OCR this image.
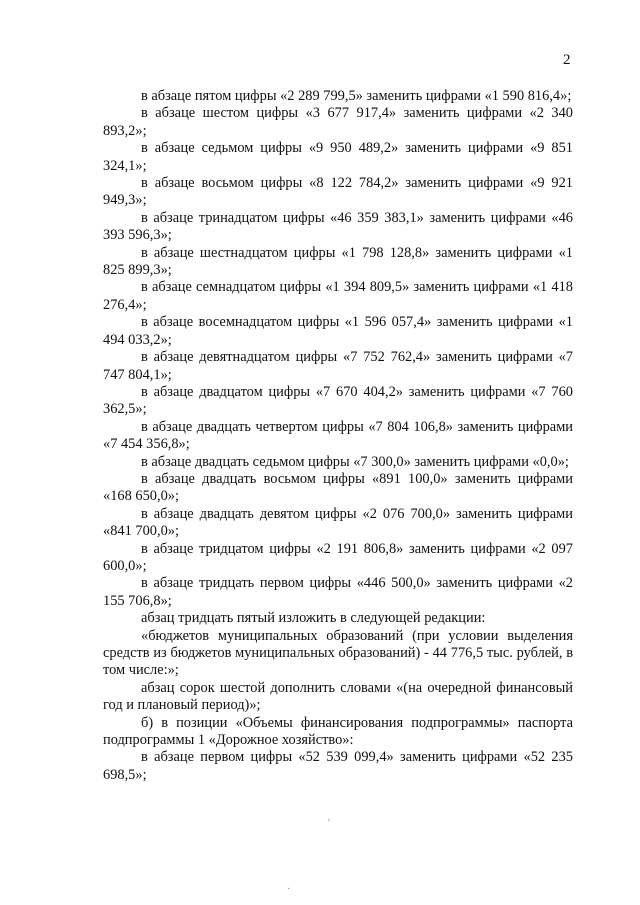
2

в абзаце пятом цифры «2 289 799,5» заменить цифрами «1 590 816,4»;

в абзаце шестом цифры «3 677 917,4» заменить цифрами «2 340 893,2»;

в абзаце седьмом цифры «9 950 489,2» заменить цифрами «9 851 324,1»;

в абзаце восьмом цифры «8 122 784,2» заменить цифрами «9 921 949,3»;

в абзаце тринадцатом цифры «46 359 383,1» заменить цифрами «46 393 596,3»;

в абзаце шестнадцатом цифры «1 798 128,8» заменить цифрами «1 825 899,3»;

в абзаце семнадцатом цифры «1 394 809,5» заменить цифрами «1 418 276,4»;

в абзаце восемнадцатом цифры «1 596 057,4» заменить цифрами «1 494 033,2»;

в абзаце девятнадцатом цифры «7 752 762,4» заменить цифрами «7 747 804,1»;

в абзаце двадцатом цифры «7 670 404,2» заменить цифрами «7 760 362,5»;

в абзаце двадцать четвертом цифры «7 804 106,8» заменить цифрами «7 454 356,8»;

в абзаце двадцать седьмом цифры «7 300,0» заменить цифрами «0,0»;

в абзаце двадцать восьмом цифры «891 100,0» заменить цифрами «168 650,0»;

в абзаце двадцать девятом цифры «2 076 700,0» заменить цифрами «841 700,0»;

в абзаце тридцатом цифры «2 191 806,8» заменить цифрами «2 097 600,0»;

в абзаце тридцать первом цифры «446 500,0» заменить цифрами «2 155 706,8»;

абзац тридцать пятый изложить в следующей редакции:

«бюджетов муниципальных образований (при условии выделения средств из бюджетов муниципальных образований) - 44 776,5 тыс. рублей, в том числе:»;

абзац сорок шестой дополнить словами «(на очередной финансовый год и плановый период)»;

б) в позиции «Объемы финансирования подпрограммы» паспорта подпрограммы 1 «Дорожное хозяйство»:

в абзаце первом цифры «52 539 099,4» заменить цифрами «52 235 698,5»;

′
·
